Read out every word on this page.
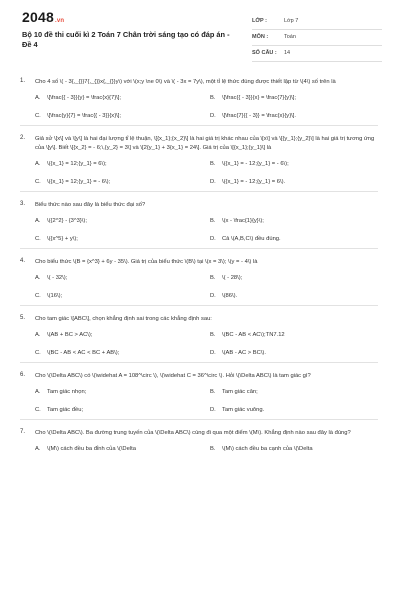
2048.vn
Bộ 10 đề thi cuối kì 2 Toán 7 Chân trời sáng tạo có đáp án - Đề 4
LỚP :	Lớp 7
MÔN :	Toán
SỐ CÂU : 14
1. Cho 4 số \( - 3{,_{}}7{,_{}}x{,_{}}y\) với \(x;y \ne 0\) và \( - 3x = 7y\), một tỉ lệ thức đúng được thiết lập từ \(4\) số trên là
A. \[\frac{{ - 3}}{y} = \frac{x}{7}\];	B. \[\frac{{ - 3}}{x} = \frac{7}{y}\];
C. \[\frac{y}{7} = \frac{{ - 3}}{x}\];	D. \[\frac{7}{{ - 3}} = \frac{x}{y}\].
2. Giả sử \[x\] và \[y\] là hai đại lượng tỉ lệ thuận, \[{x_1};{x_2}\] là hai giá trị khác nhau của \[x\] và \[{y_1};{y_2}\] là hai giá trị tương ứng của \[y\]. Biết \[{x_2} = - 6;\,{y_2} = 3\] và \[2{y_1} + 3{x_1} = 24\]. Giá trị của \[{x_1};{y_1}\] là
A. \({x_1} = 12;{y_1} = 6\);	B. \({x_1} = - 12;{y_1} = - 6\);
C. \({x_1} = 12;{y_1} = - 6\);	D. \({x_1} = - 12;{y_1} = 6\).
3. Biểu thức nào sau đây là biểu thức đại số?
A. \({2^2} - {3^3}\);	B. \(x - \frac{1}{y}\);
C. \({x^5} + y\);	D. Cả \(A,B,C\) đều đúng.
4. Cho biểu thức \(B = {x^3} + 6y - 35\). Giá trị của biểu thức \(B\) tại \(x = 3\); \(y = - 4\) là
A. \( - 32\);	B. \( - 28\);
C. \(16\);	D. \(86\).
5. Cho tam giác \[ABC\], chọn khẳng định sai trong các khẳng định sau:
A. \(AB + BC > AC\);	B. \(BC - AB < AC\);TN7.12
C. \(BC - AB < AC < BC + AB\);	D. \(AB - AC > BC\).
6. Cho \(\Delta ABC\) có \(\widehat A = 108^\circ \), \(\widehat C = 36^\circ \). Hỏi \(\Delta ABC\) là tam giác gì?
A. Tam giác nhọn;	B. Tam giác cân;
C. Tam giác đều;	D. Tam giác vuông.
7. Cho \(\Delta ABC\). Ba đường trung tuyến của \(\Delta ABC\) cùng đi qua một điểm \(M\). Khẳng định nào sau đây là đúng?
A. \(M\) cách đều ba đỉnh của \(\Delta	B. \(M\) cách đều ba cạnh của \(\Delta
